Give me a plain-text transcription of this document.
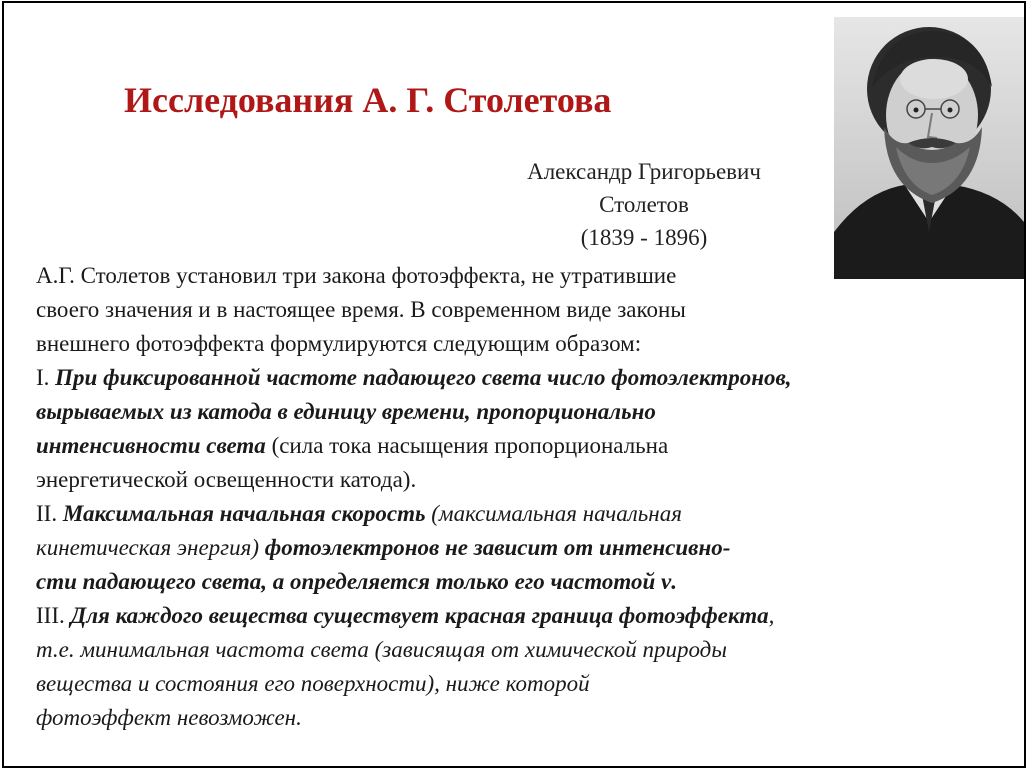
Исследования А. Г. Столетова
Александр Григорьевич
Столетов
(1839 - 1896)
А.Г. Столетов установил три закона фотоэффекта, не утратившие
своего значения и в настоящее время. В современном виде законы
внешнего фотоэффекта формулируются следующим образом:
I. При фиксированной частоте падающего света число фотоэлектронов,
вырываемых из катода в единицу времени, пропорционально
интенсивности света (сила тока насыщения пропорциональна
энергетической освещенности катода).
II. Максимальная начальная скорость (максимальная начальная
кинетическая энергия) фотоэлектронов не зависит от интенсивно-
сти падающего света, а определяется только его частотой ν.
III. Для каждого вещества существует красная граница фотоэффекта,
т.е. минимальная частота света (зависящая от химической природы
вещества и состояния его поверхности), ниже которой
фотоэффект невозможен.
